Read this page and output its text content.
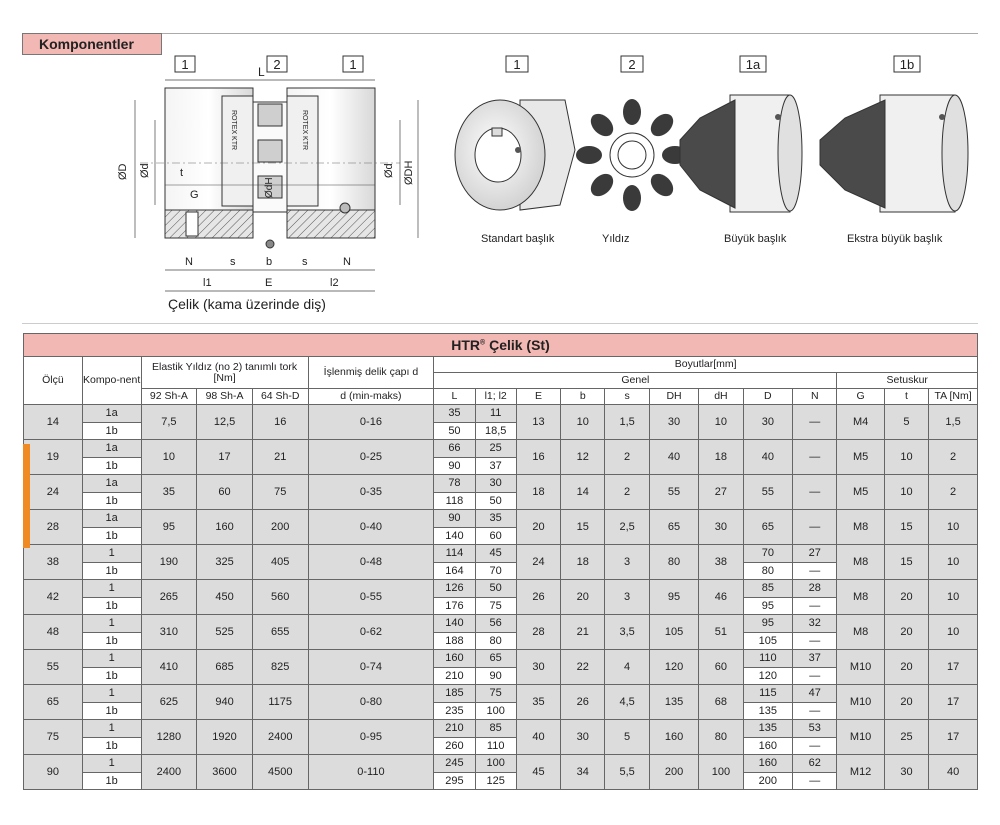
Komponentler
1	2	1
L
ROTEX KTR	ROTEX KTR
ØD Ød
ØdH
Ød ØDH
t
G
N	s	b	s	N
l1	E	l2
Çelik (kama üzerinde diş)
1	2	1a	1b
Standart başlık	Yıldız	Büyük başlık	Ekstra büyük başlık
HTR® Çelik (St)																	
Ölçü	Kompo-nent	Elastik Yıldız (no 2) tanımlı tork [Nm]			İşlenmiş delik çapı d	Boyutlar[mm]											
						Genel									Setuskur		
		92 Sh-A	98 Sh-A	64 Sh-D	d (min-maks)	L	l1; l2	E	b	s	DH	dH	D	N	G	t	TA [Nm]
14	1a	7,5	12,5	16	0-16	35	11	13	10	1,5	30	10	30	—	M4	5	1,5
	1b					50	18,5										
19	1a	10	17	21	0-25	66	25	16	12	2	40	18	40	—	M5	10	2
	1b					90	37										
24	1a	35	60	75	0-35	78	30	18	14	2	55	27	55	—	M5	10	2
	1b					118	50										
28	1a	95	160	200	0-40	90	35	20	15	2,5	65	30	65	—	M8	15	10
	1b					140	60										
38	1	190	325	405	0-48	114	45	24	18	3	80	38	70	27	M8	15	10
	1b					164	70						80	—			
42	1	265	450	560	0-55	126	50	26	20	3	95	46	85	28	M8	20	10
	1b					176	75						95	—			
48	1	310	525	655	0-62	140	56	28	21	3,5	105	51	95	32	M8	20	10
	1b					188	80						105	—			
55	1	410	685	825	0-74	160	65	30	22	4	120	60	110	37	M10	20	17
	1b					210	90						120	—			
65	1	625	940	1175	0-80	185	75	35	26	4,5	135	68	115	47	M10	20	17
	1b					235	100						135	—			
75	1	1280	1920	2400	0-95	210	85	40	30	5	160	80	135	53	M10	25	17
	1b					260	110						160	—			
90	1	2400	3600	4500	0-110	245	100	45	34	5,5	200	100	160	62	M12	30	40
	1b					295	125						200	—			
